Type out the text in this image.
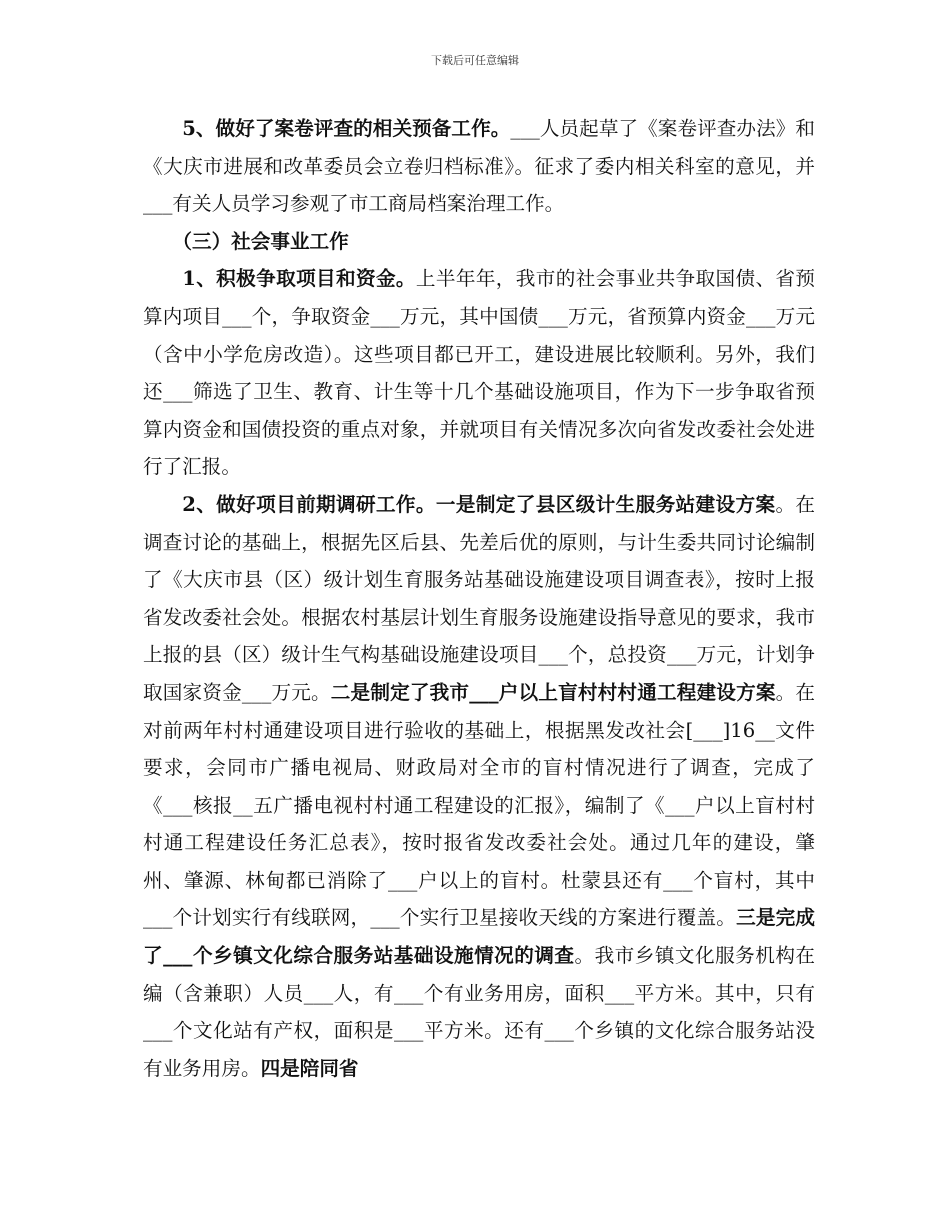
下载后可任意编辑

5、做好了案卷评查的相关预备工作。___人员起草了《案卷评查办法》和《大庆市进展和改革委员会立卷归档标准》。征求了委内相关科室的意见，并___有关人员学习参观了市工商局档案治理工作。

（三）社会事业工作

1、积极争取项目和资金。上半年年，我市的社会事业共争取国债、省预算内项目___个，争取资金___万元，其中国债___万元，省预算内资金___万元（含中小学危房改造）。这些项目都已开工，建设进展比较顺利。另外，我们还___筛选了卫生、教育、计生等十几个基础设施项目，作为下一步争取省预算内资金和国债投资的重点对象，并就项目有关情况多次向省发改委社会处进行了汇报。

2、做好项目前期调研工作。一是制定了县区级计生服务站建设方案。在调查讨论的基础上，根据先区后县、先差后优的原则，与计生委共同讨论编制了《大庆市县（区）级计划生育服务站基础设施建设项目调查表》，按时上报省发改委社会处。根据农村基层计划生育服务设施建设指导意见的要求，我市上报的县（区）级计生气构基础设施建设项目___个，总投资___万元，计划争取国家资金___万元。二是制定了我市___户以上盲村村村通工程建设方案。在对前两年村村通建设项目进行验收的基础上，根据黑发改社会[___]16__文件要求，会同市广播电视局、财政局对全市的盲村情况进行了调查，完成了《___核报__五广播电视村村通工程建设的汇报》，编制了《___户以上盲村村村通工程建设任务汇总表》，按时报省发改委社会处。通过几年的建设，肇州、肇源、林甸都已消除了___户以上的盲村。杜蒙县还有___个盲村，其中___个计划实行有线联网，___个实行卫星接收天线的方案进行覆盖。三是完成了___个乡镇文化综合服务站基础设施情况的调查。我市乡镇文化服务机构在编（含兼职）人员___人，有___个有业务用房，面积___平方米。其中，只有___个文化站有产权，面积是___平方米。还有___个乡镇的文化综合服务站没有业务用房。四是陪同省
